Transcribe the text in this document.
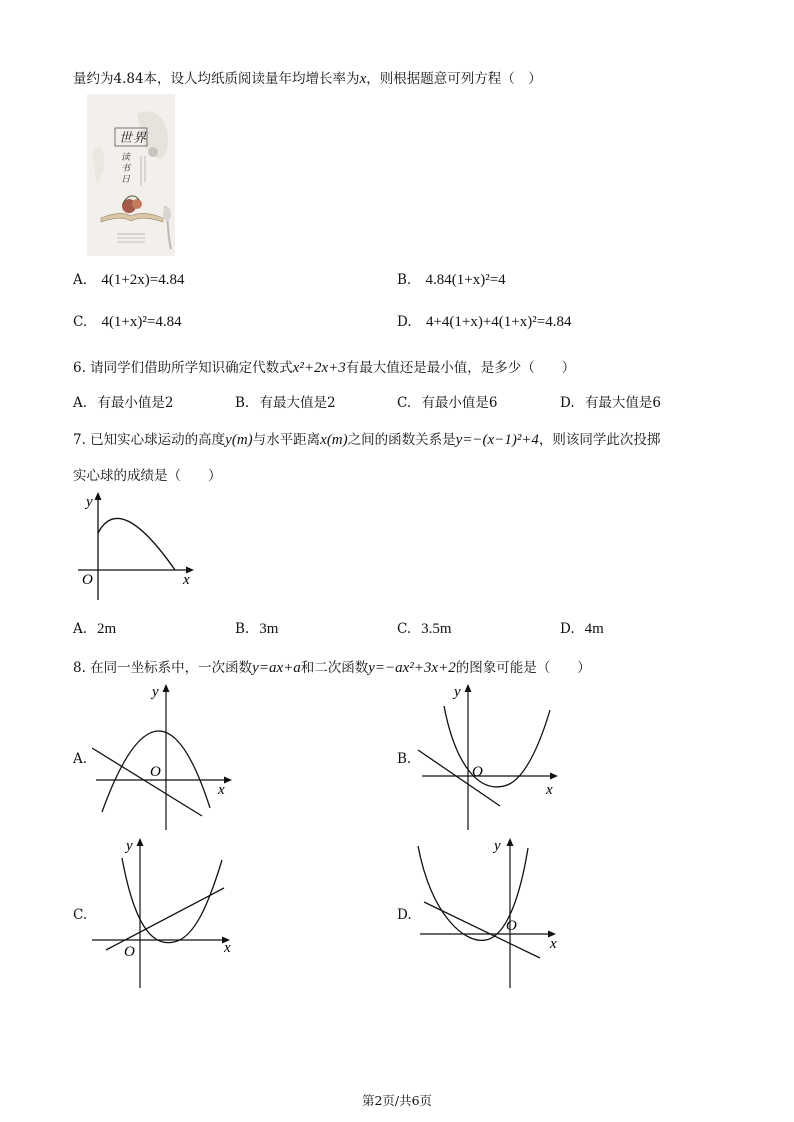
量约为4.84本，设人均纸质阅读量年均增长率为x，则根据题意可列方程（　）
世 界
读
书
日
A. 4(1+2x)=4.84	B. 4.84(1+x)²=4
C. 4(1+x)²=4.84	D. 4+4(1+x)+4(1+x)²=4.84
6. 请同学们借助所学知识确定代数式x²+2x+3有最大值还是最小值，是多少（　　）
A. 有最小值是2	B. 有最大值是2	C. 有最小值是6	D. 有最大值是6
7. 已知实心球运动的高度y(m)与水平距离x(m)之间的函数关系是y=−(x−1)²+4，则该同学此次投掷
实心球的成绩是（　　）
y
O	x
A. 2m	B. 3m	C. 3.5m	D. 4m
8. 在同一坐标系中，一次函数y=ax+a和二次函数y=−ax²+3x+2的图象可能是（　　）
A.
y
O
x
B.
y
O
x
C.
y
O	x
D.
y
O
x
第2页/共6页
